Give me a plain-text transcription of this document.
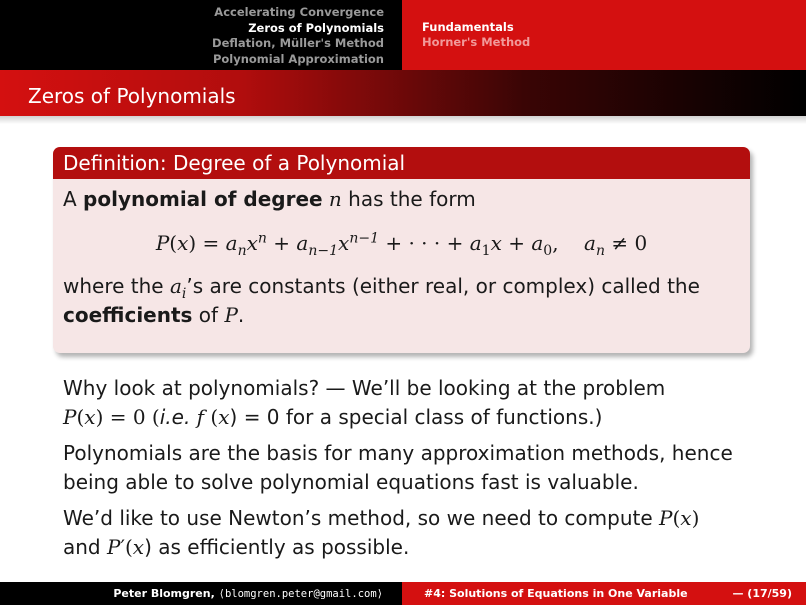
Accelerating Convergence
Zeros of Polynomials
Deflation, Müller's Method
Polynomial Approximation
Fundamentals
Horner's Method
Zeros of Polynomials
Definition: Degree of a Polynomial
A polynomial of degree n has the form
$P(x) = a_nx^n + a_{n-1}x^{n-1}$ + · · · + $a_1x + a_0$,    $a_n \ne 0$
where the $a_i’s$ are constants (either real, or complex) called the
coefficients of P.

Why look at polynomials? — We’ll be looking at the problem
P(x) = 0 (i.e. f (x) = 0 for a special class of functions.)

Polynomials are the basis for many approximation methods, hence being able to solve polynomial equations fast is valuable.

We’d like to use Newton’s method, so we need to compute P(x)
and P′(x) as efficiently as possible.

Peter Blomgren, ⟨blomgren.peter@gmail.com⟩	#4: Solutions of Equations in One Variable	— (17/59)
